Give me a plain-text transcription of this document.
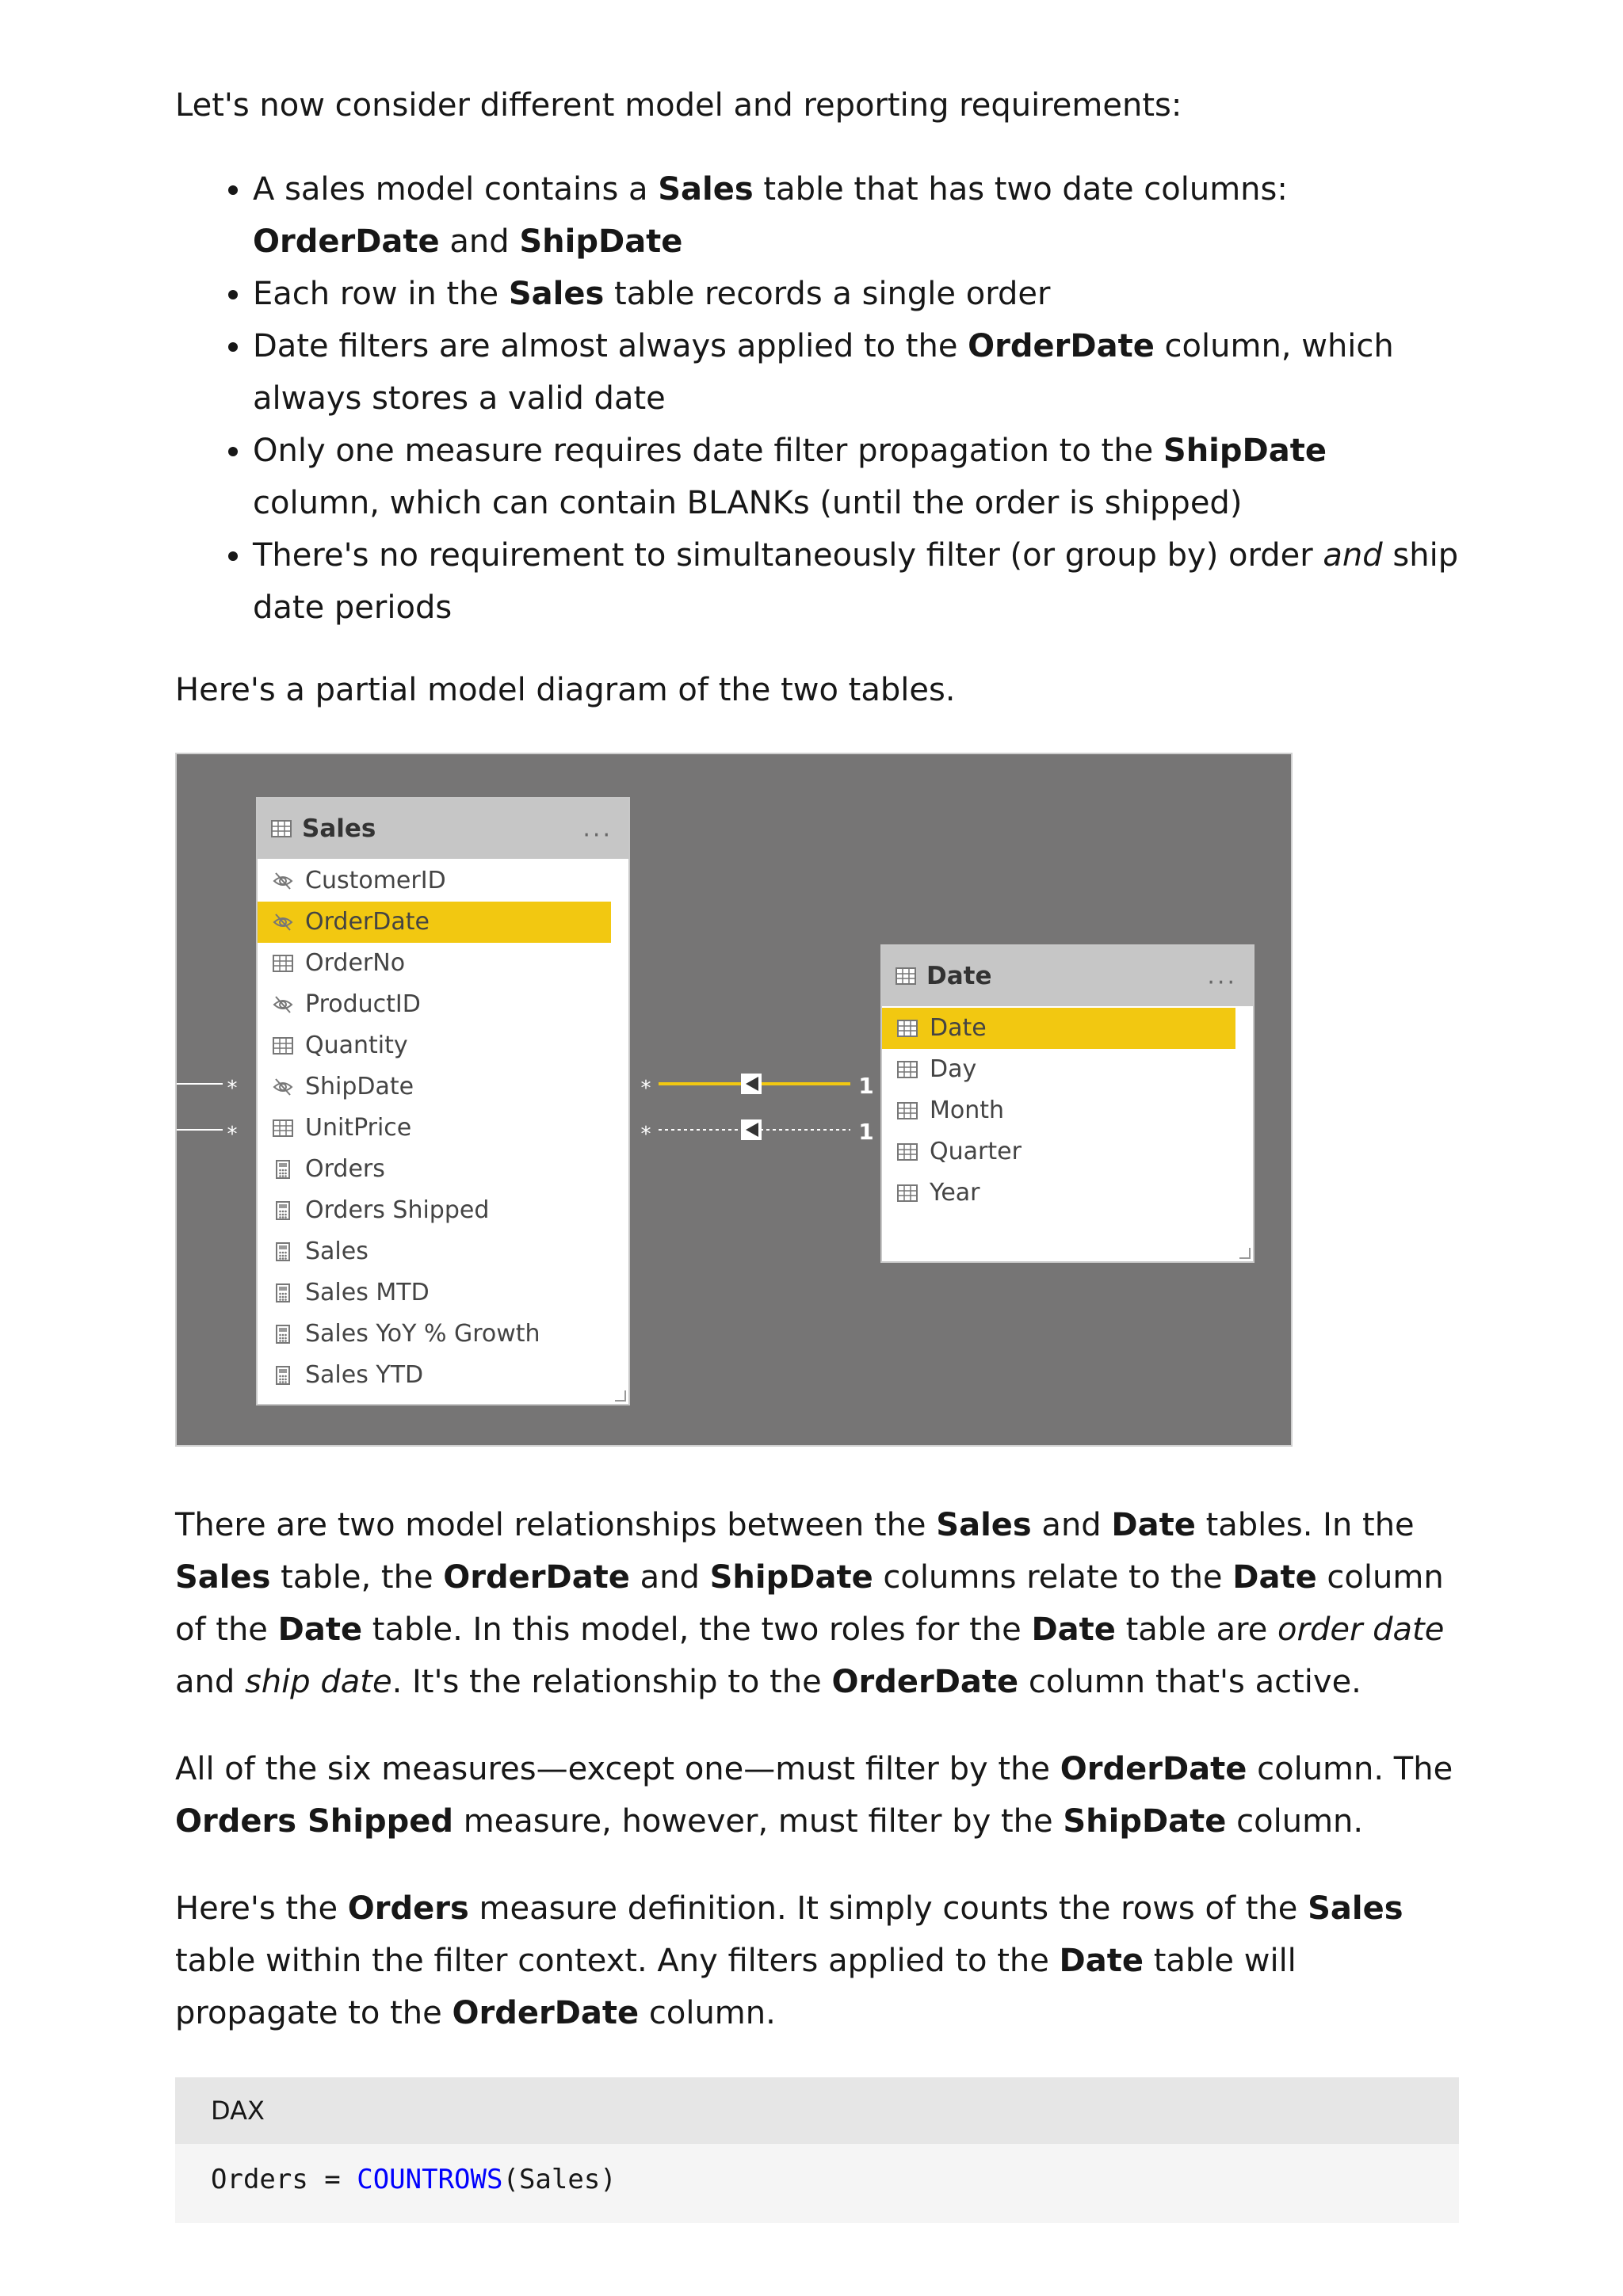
Let's now consider different model and reporting requirements:

• A sales model contains a Sales table that has two date columns: OrderDate and ShipDate
• Each row in the Sales table records a single order
• Date filters are almost always applied to the OrderDate column, which always stores a valid date
• Only one measure requires date filter propagation to the ShipDate column, which can contain BLANKs (until the order is shipped)
• There's no requirement to simultaneously filter (or group by) order and ship date periods

Here's a partial model diagram of the two tables.

*
*
*	1
*	1
Sales	···
CustomerID
OrderDate
OrderNo
ProductID
Quantity
ShipDate
UnitPrice
Orders
Orders Shipped
Sales
Sales MTD
Sales YoY % Growth
Sales YTD
Date	···
Date
Day
Month
Quarter
Year

There are two model relationships between the Sales and Date tables. In the Sales table, the OrderDate and ShipDate columns relate to the Date column of the Date table. In this model, the two roles for the Date table are order date and ship date. It's the relationship to the OrderDate column that's active.

All of the six measures—except one—must filter by the OrderDate column. The Orders Shipped measure, however, must filter by the ShipDate column.

Here's the Orders measure definition. It simply counts the rows of the Sales table within the filter context. Any filters applied to the Date table will propagate to the OrderDate column.

DAX
Orders = COUNTROWS(Sales)
